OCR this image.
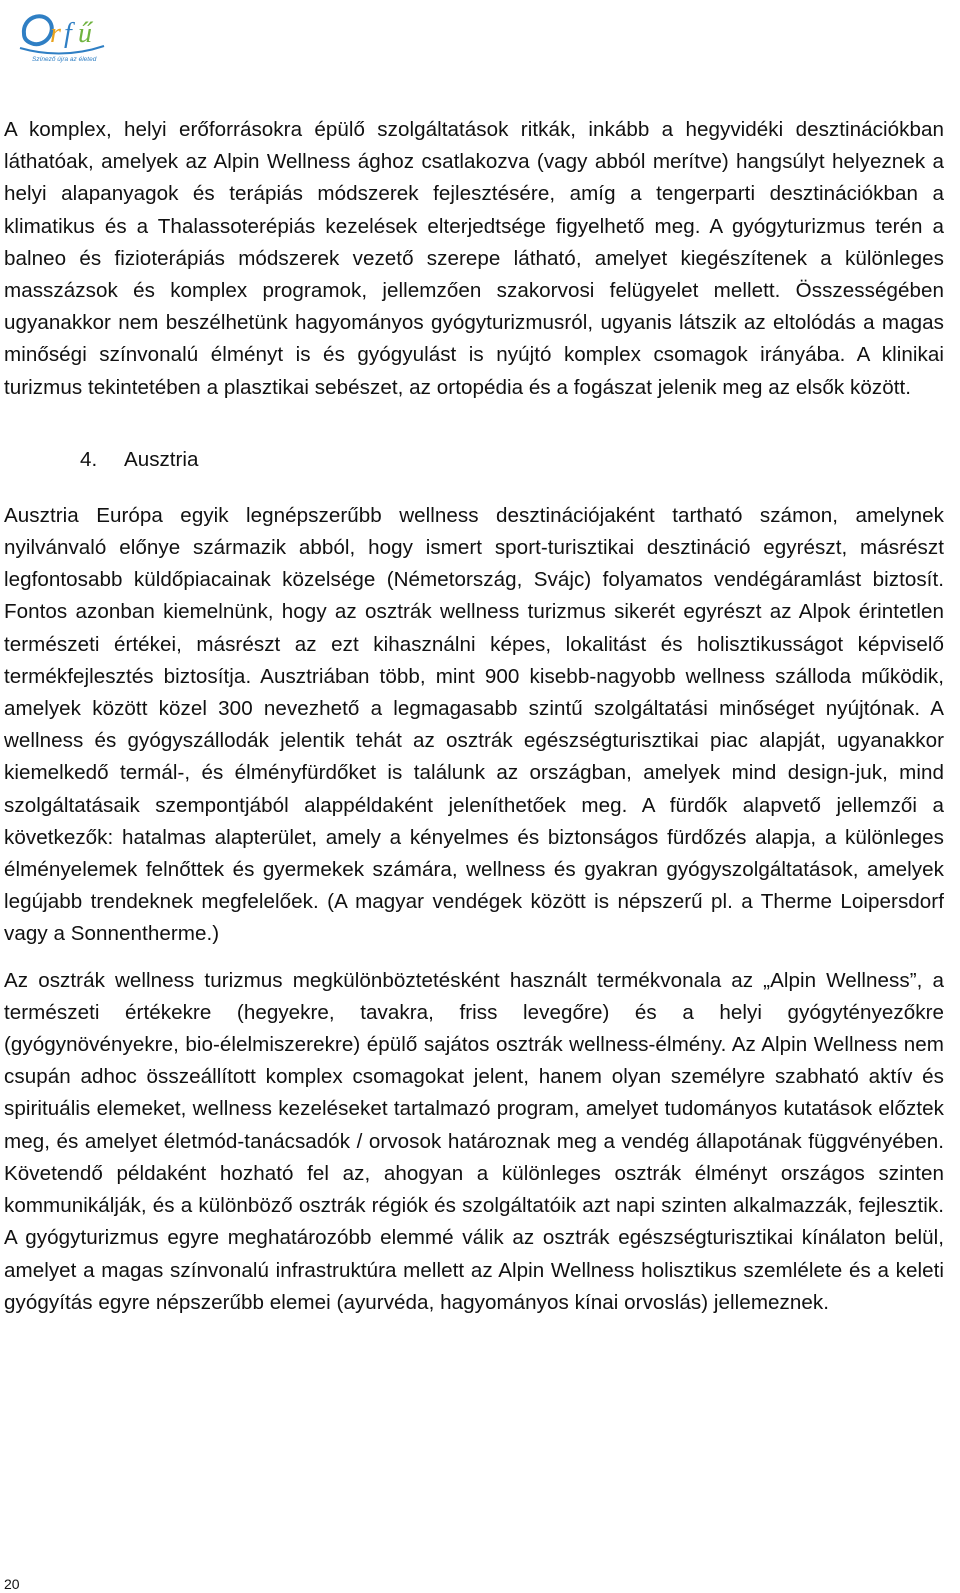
r f ű
Színező újra az életed

A komplex, helyi erőforrásokra épülő szolgáltatások ritkák, inkább a hegyvidéki desztinációkban láthatóak, amelyek az Alpin Wellness ághoz csatlakozva (vagy abból merítve) hangsúlyt helyeznek a helyi alapanyagok és terápiás módszerek fejlesztésére, amíg a tengerparti desztinációkban a klimatikus és a Thalassoterépiás kezelések elterjedtsége figyelhető meg. A gyógyturizmus terén a balneo és fizioterápiás módszerek vezető szerepe látható, amelyet kiegészítenek a különleges masszázsok és komplex programok, jellemzően szakorvosi felügyelet mellett. Összességében ugyanakkor nem beszélhetünk hagyományos gyógyturizmusról, ugyanis látszik az eltolódás a magas minőségi színvonalú élményt is és gyógyulást is nyújtó komplex csomagok irányába. A klinikai turizmus tekintetében a plasztikai sebészet, az ortopédia és a fogászat jelenik meg az elsők között.

4. Ausztria

Ausztria Európa egyik legnépszerűbb wellness desztinációjaként tartható számon, amelynek nyilvánvaló előnye származik abból, hogy ismert sport-turisztikai desztináció egyrészt, másrészt legfontosabb küldőpiacainak közelsége (Németország, Svájc) folyamatos vendégáramlást biztosít. Fontos azonban kiemelnünk, hogy az osztrák wellness turizmus sikerét egyrészt az Alpok érintetlen természeti értékei, másrészt az ezt kihasználni képes, lokalitást és holisztikusságot képviselő termékfejlesztés biztosítja. Ausztriában több, mint 900 kisebb-nagyobb wellness szálloda működik, amelyek között közel 300 nevezhető a legmagasabb szintű szolgáltatási minőséget nyújtónak. A wellness és gyógyszállodák jelentik tehát az osztrák egészségturisztikai piac alapját, ugyanakkor kiemelkedő termál-, és élményfürdőket is találunk az országban, amelyek mind design-juk, mind szolgáltatásaik szempontjából alappéldaként jeleníthetőek meg. A fürdők alapvető jellemzői a következők: hatalmas alapterület, amely a kényelmes és biztonságos fürdőzés alapja, a különleges élményelemek felnőttek és gyermekek számára, wellness és gyakran gyógyszolgáltatások, amelyek legújabb trendeknek megfelelőek. (A magyar vendégek között is népszerű pl. a Therme Loipersdorf vagy a Sonnentherme.)

Az osztrák wellness turizmus megkülönböztetésként használt termékvonala az „Alpin Wellness”, a természeti értékekre (hegyekre, tavakra, friss levegőre) és a helyi gyógytényezőkre (gyógynövényekre, bio-élelmiszerekre) épülő sajátos osztrák wellness-élmény. Az Alpin Wellness nem csupán adhoc összeállított komplex csomagokat jelent, hanem olyan személyre szabható aktív és spirituális elemeket, wellness kezeléseket tartalmazó program, amelyet tudományos kutatások előztek meg, és amelyet életmód-tanácsadók / orvosok határoznak meg a vendég állapotának függvényében. Követendő példaként hozható fel az, ahogyan a különleges osztrák élményt országos szinten kommunikálják, és a különböző osztrák régiók és szolgáltatóik azt napi szinten alkalmazzák, fejlesztik. A gyógyturizmus egyre meghatározóbb elemmé válik az osztrák egészségturisztikai kínálaton belül, amelyet a magas színvonalú infrastruktúra mellett az Alpin Wellness holisztikus szemlélete és a keleti gyógyítás egyre népszerűbb elemei (ayurvéda, hagyományos kínai orvoslás) jellemeznek.

20
